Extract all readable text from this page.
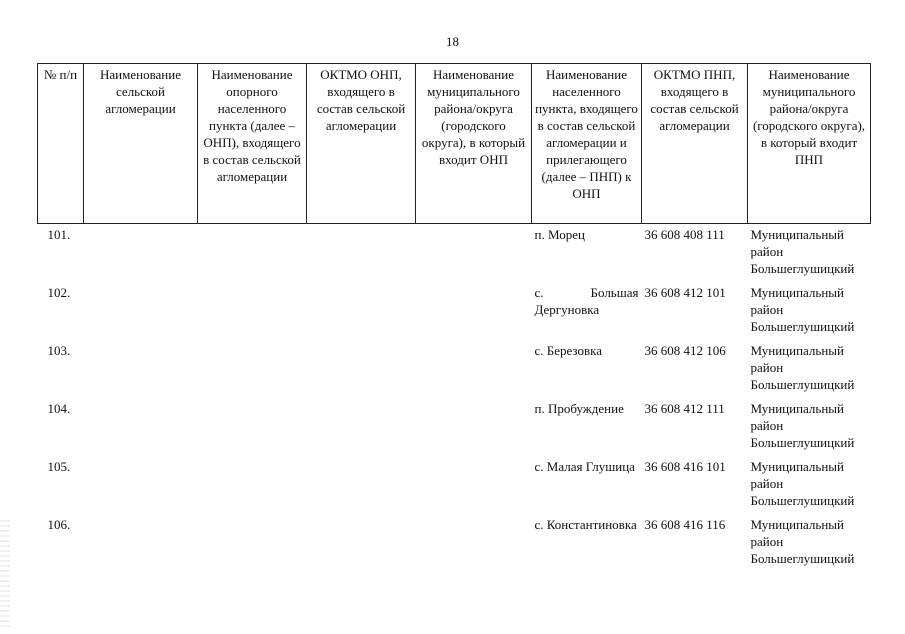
18
№ п/п	Наименование сельской агломерации	Наименование опорного населенного пункта (далее – ОНП), входящего в состав сельской агломерации	ОКТМО ОНП, входящего в состав сельской агломерации	Наименование муниципального района/округа (городского округа), в который входит ОНП	Наименование населенного пункта, входящего в состав сельской агломерации и прилегающего (далее – ПНП) к ОНП	ОКТМО ПНП, входящего в состав сельской агломерации	Наименование муниципального района/округа (городского округа), в который входит ПНП
101.					п. Морец	36 608 408 111	Муниципальный район Большеглушицкий
102.					с. Большая Дергуновка	36 608 412 101	Муниципальный район Большеглушицкий
103.					с. Березовка	36 608 412 106	Муниципальный район Большеглушицкий
104.					п. Пробуждение	36 608 412 111	Муниципальный район Большеглушицкий
105.					с. Малая Глушица	36 608 416 101	Муниципальный район Большеглушицкий
106.					с. Константиновка	36 608 416 116	Муниципальный район Большеглушицкий
